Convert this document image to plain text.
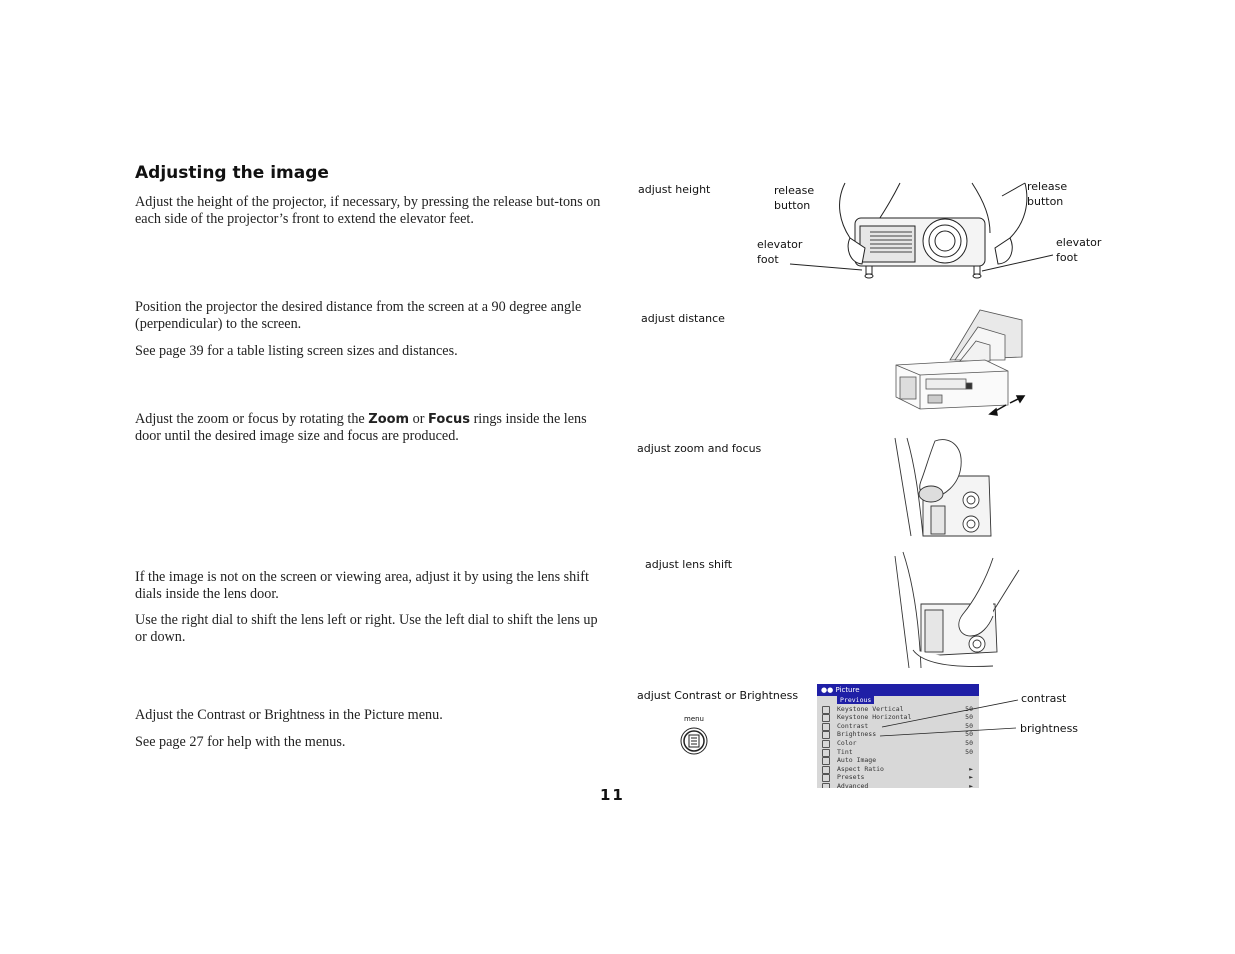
Adjusting the image

Adjust the height of the projector, if necessary, by pressing the release but-tons on each side of the projector’s front to extend the elevator feet.

Position the projector the desired distance from the screen at a 90 degree angle (perpendicular) to the screen.

See page 39 for a table listing screen sizes and distances.

Adjust the zoom or focus by rotating the Zoom or Focus rings inside the lens door until the desired image size and focus are produced.

If the image is not on the screen or viewing area, adjust it by using the lens shift dials inside the lens door.

Use the right dial to shift the lens left or right. Use the left dial to shift the lens up or down.

Adjust the Contrast or Brightness in the Picture menu.

See page 27 for help with the menus.

adjust height	release
button
release
button
elevator
foot
elevator
foot
adjust distance
adjust zoom and focus
adjust lens shift
adjust Contrast or Brightness
menu
●● Picture
Previous
Keystone Vertical	50
Keystone Horizontal	50
Contrast	50
Brightness	50
Color	50
Tint	50
Auto Image
Aspect Ratio	►
Presets	►
Advanced	►
contrast
brightness
11
